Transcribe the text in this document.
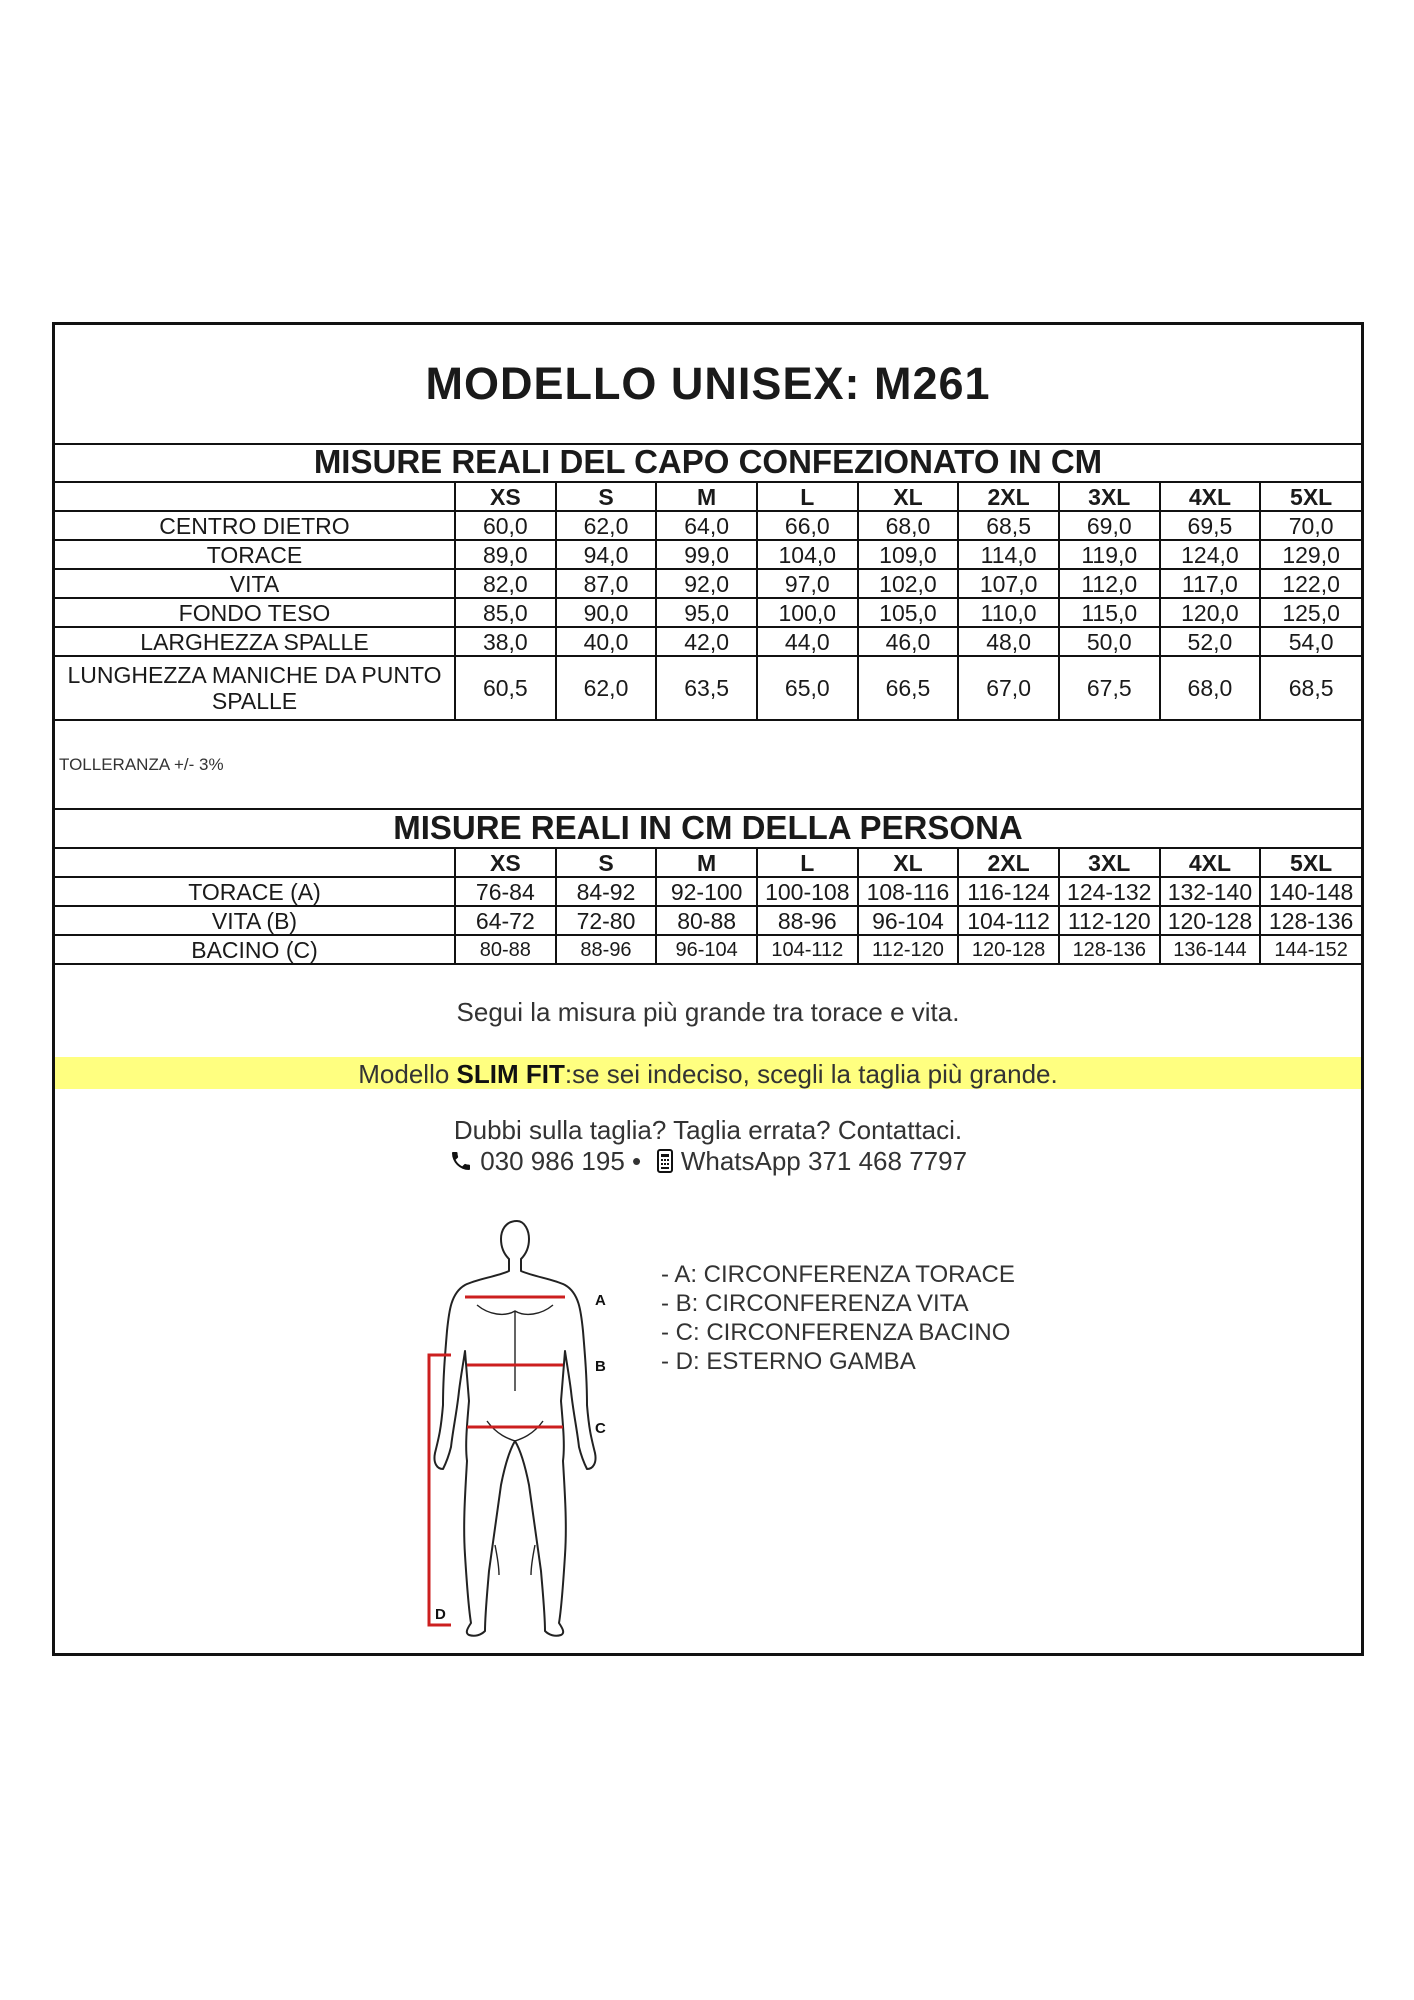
MODELLO UNISEX: M261
MISURE REALI DEL CAPO CONFEZIONATO IN CM									
	XS	S	M	L	XL	2XL	3XL	4XL	5XL
CENTRO DIETRO	60,0	62,0	64,0	66,0	68,0	68,5	69,0	69,5	70,0
TORACE	89,0	94,0	99,0	104,0	109,0	114,0	119,0	124,0	129,0
VITA	82,0	87,0	92,0	97,0	102,0	107,0	112,0	117,0	122,0
FONDO TESO	85,0	90,0	95,0	100,0	105,0	110,0	115,0	120,0	125,0
LARGHEZZA SPALLE	38,0	40,0	42,0	44,0	46,0	48,0	50,0	52,0	54,0
LUNGHEZZA MANICHE DA PUNTO SPALLE	60,5	62,0	63,5	65,0	66,5	67,0	67,5	68,0	68,5
TOLLERANZA +/- 3%
MISURE REALI IN CM DELLA PERSONA									
	XS	S	M	L	XL	2XL	3XL	4XL	5XL
TORACE (A)	76-84	84-92	92-100	100-108	108-116	116-124	124-132	132-140	140-148
VITA (B)	64-72	72-80	80-88	88-96	96-104	104-112	112-120	120-128	128-136
BACINO (C)	80-88	88-96	96-104	104-112	112-120	120-128	128-136	136-144	144-152
Segui la misura più grande tra torace e vita.
Modello SLIM FIT:se sei indeciso, scegli la taglia più grande.
Dubbi sulla taglia? Taglia errata? Contattaci.
030 986 195 • WhatsApp 371 468 7797
A
B
C
D
- A: CIRCONFERENZA TORACE
- B: CIRCONFERENZA VITA
- C: CIRCONFERENZA BACINO
- D: ESTERNO GAMBA
